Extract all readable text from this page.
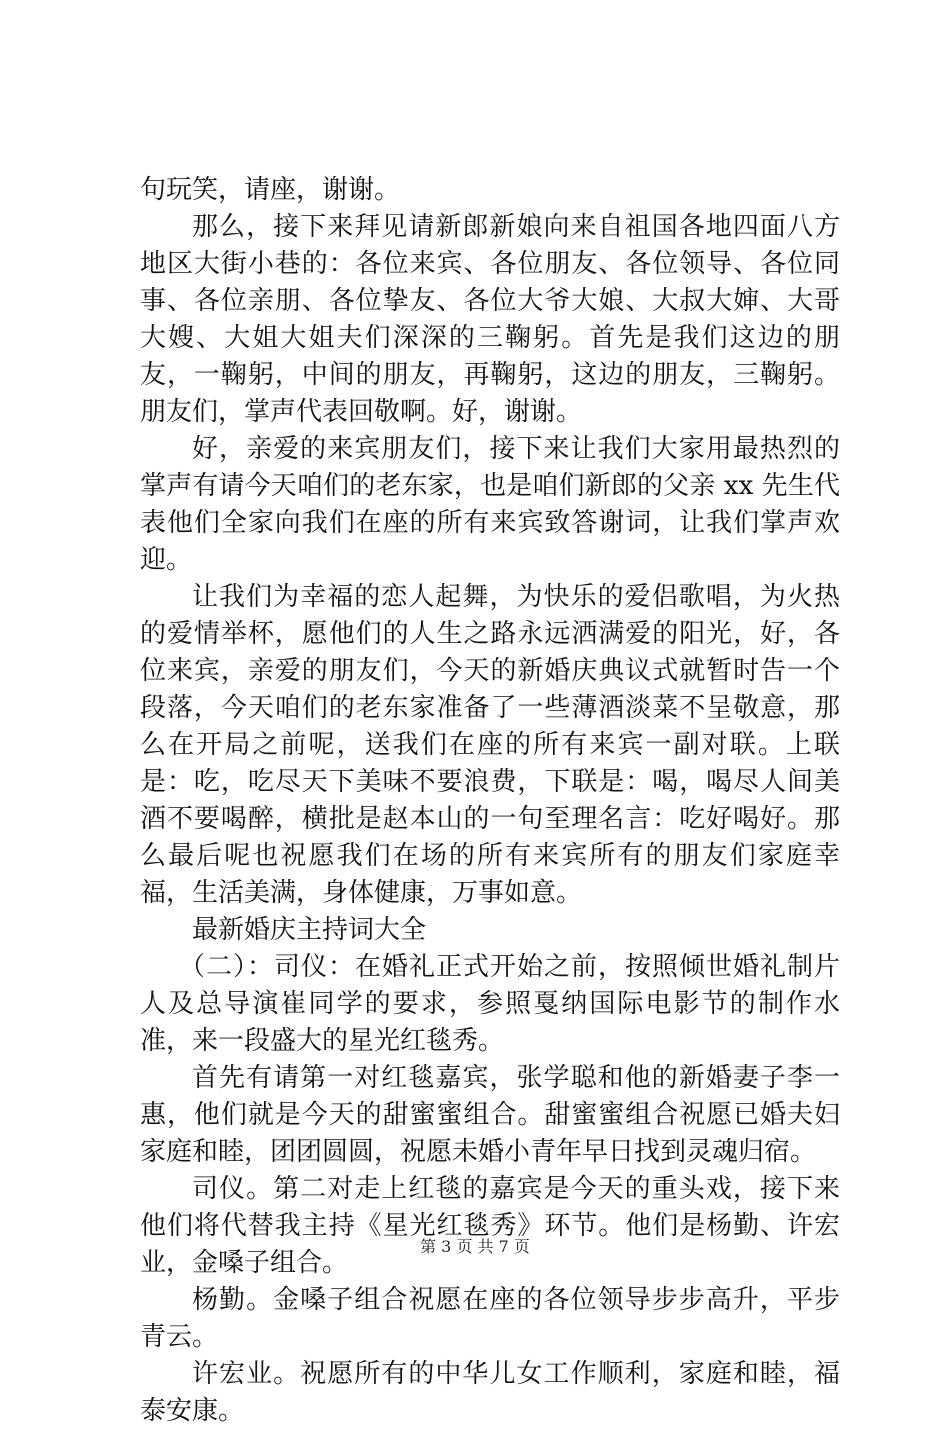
句玩笑，请座，谢谢。

那么，接下来拜见请新郎新娘向来自祖国各地四面八方地区大街小巷的：各位来宾、各位朋友、各位领导、各位同事、各位亲朋、各位挚友、各位大爷大娘、大叔大婶、大哥大嫂、大姐大姐夫们深深的三鞠躬。首先是我们这边的朋友，一鞠躬，中间的朋友，再鞠躬，这边的朋友，三鞠躬。朋友们，掌声代表回敬啊。好，谢谢。

好，亲爱的来宾朋友们，接下来让我们大家用最热烈的掌声有请今天咱们的老东家，也是咱们新郎的父亲 xx 先生代表他们全家向我们在座的所有来宾致答谢词，让我们掌声欢迎。

让我们为幸福的恋人起舞，为快乐的爱侣歌唱，为火热的爱情举杯，愿他们的人生之路永远洒满爱的阳光，好，各位来宾，亲爱的朋友们，今天的新婚庆典议式就暂时告一个段落，今天咱们的老东家准备了一些薄酒淡菜不呈敬意，那么在开局之前呢，送我们在座的所有来宾一副对联。上联是：吃，吃尽天下美味不要浪费，下联是：喝，喝尽人间美酒不要喝醉，横批是赵本山的一句至理名言：吃好喝好。那么最后呢也祝愿我们在场的所有来宾所有的朋友们家庭幸福，生活美满，身体健康，万事如意。

最新婚庆主持词大全

（二）：司仪：在婚礼正式开始之前，按照倾世婚礼制片人及总导演崔同学的要求，参照戛纳国际电影节的制作水准，来一段盛大的星光红毯秀。

首先有请第一对红毯嘉宾，张学聪和他的新婚妻子李一惠，他们就是今天的甜蜜蜜组合。甜蜜蜜组合祝愿已婚夫妇家庭和睦，团团圆圆，祝愿未婚小青年早日找到灵魂归宿。

司仪。第二对走上红毯的嘉宾是今天的重头戏，接下来他们将代替我主持《星光红毯秀》环节。他们是杨勤、许宏业，金嗓子组合。

杨勤。金嗓子组合祝愿在座的各位领导步步高升，平步青云。

许宏业。祝愿所有的中华儿女工作顺利，家庭和睦，福泰安康。

第 3 页 共 7 页
